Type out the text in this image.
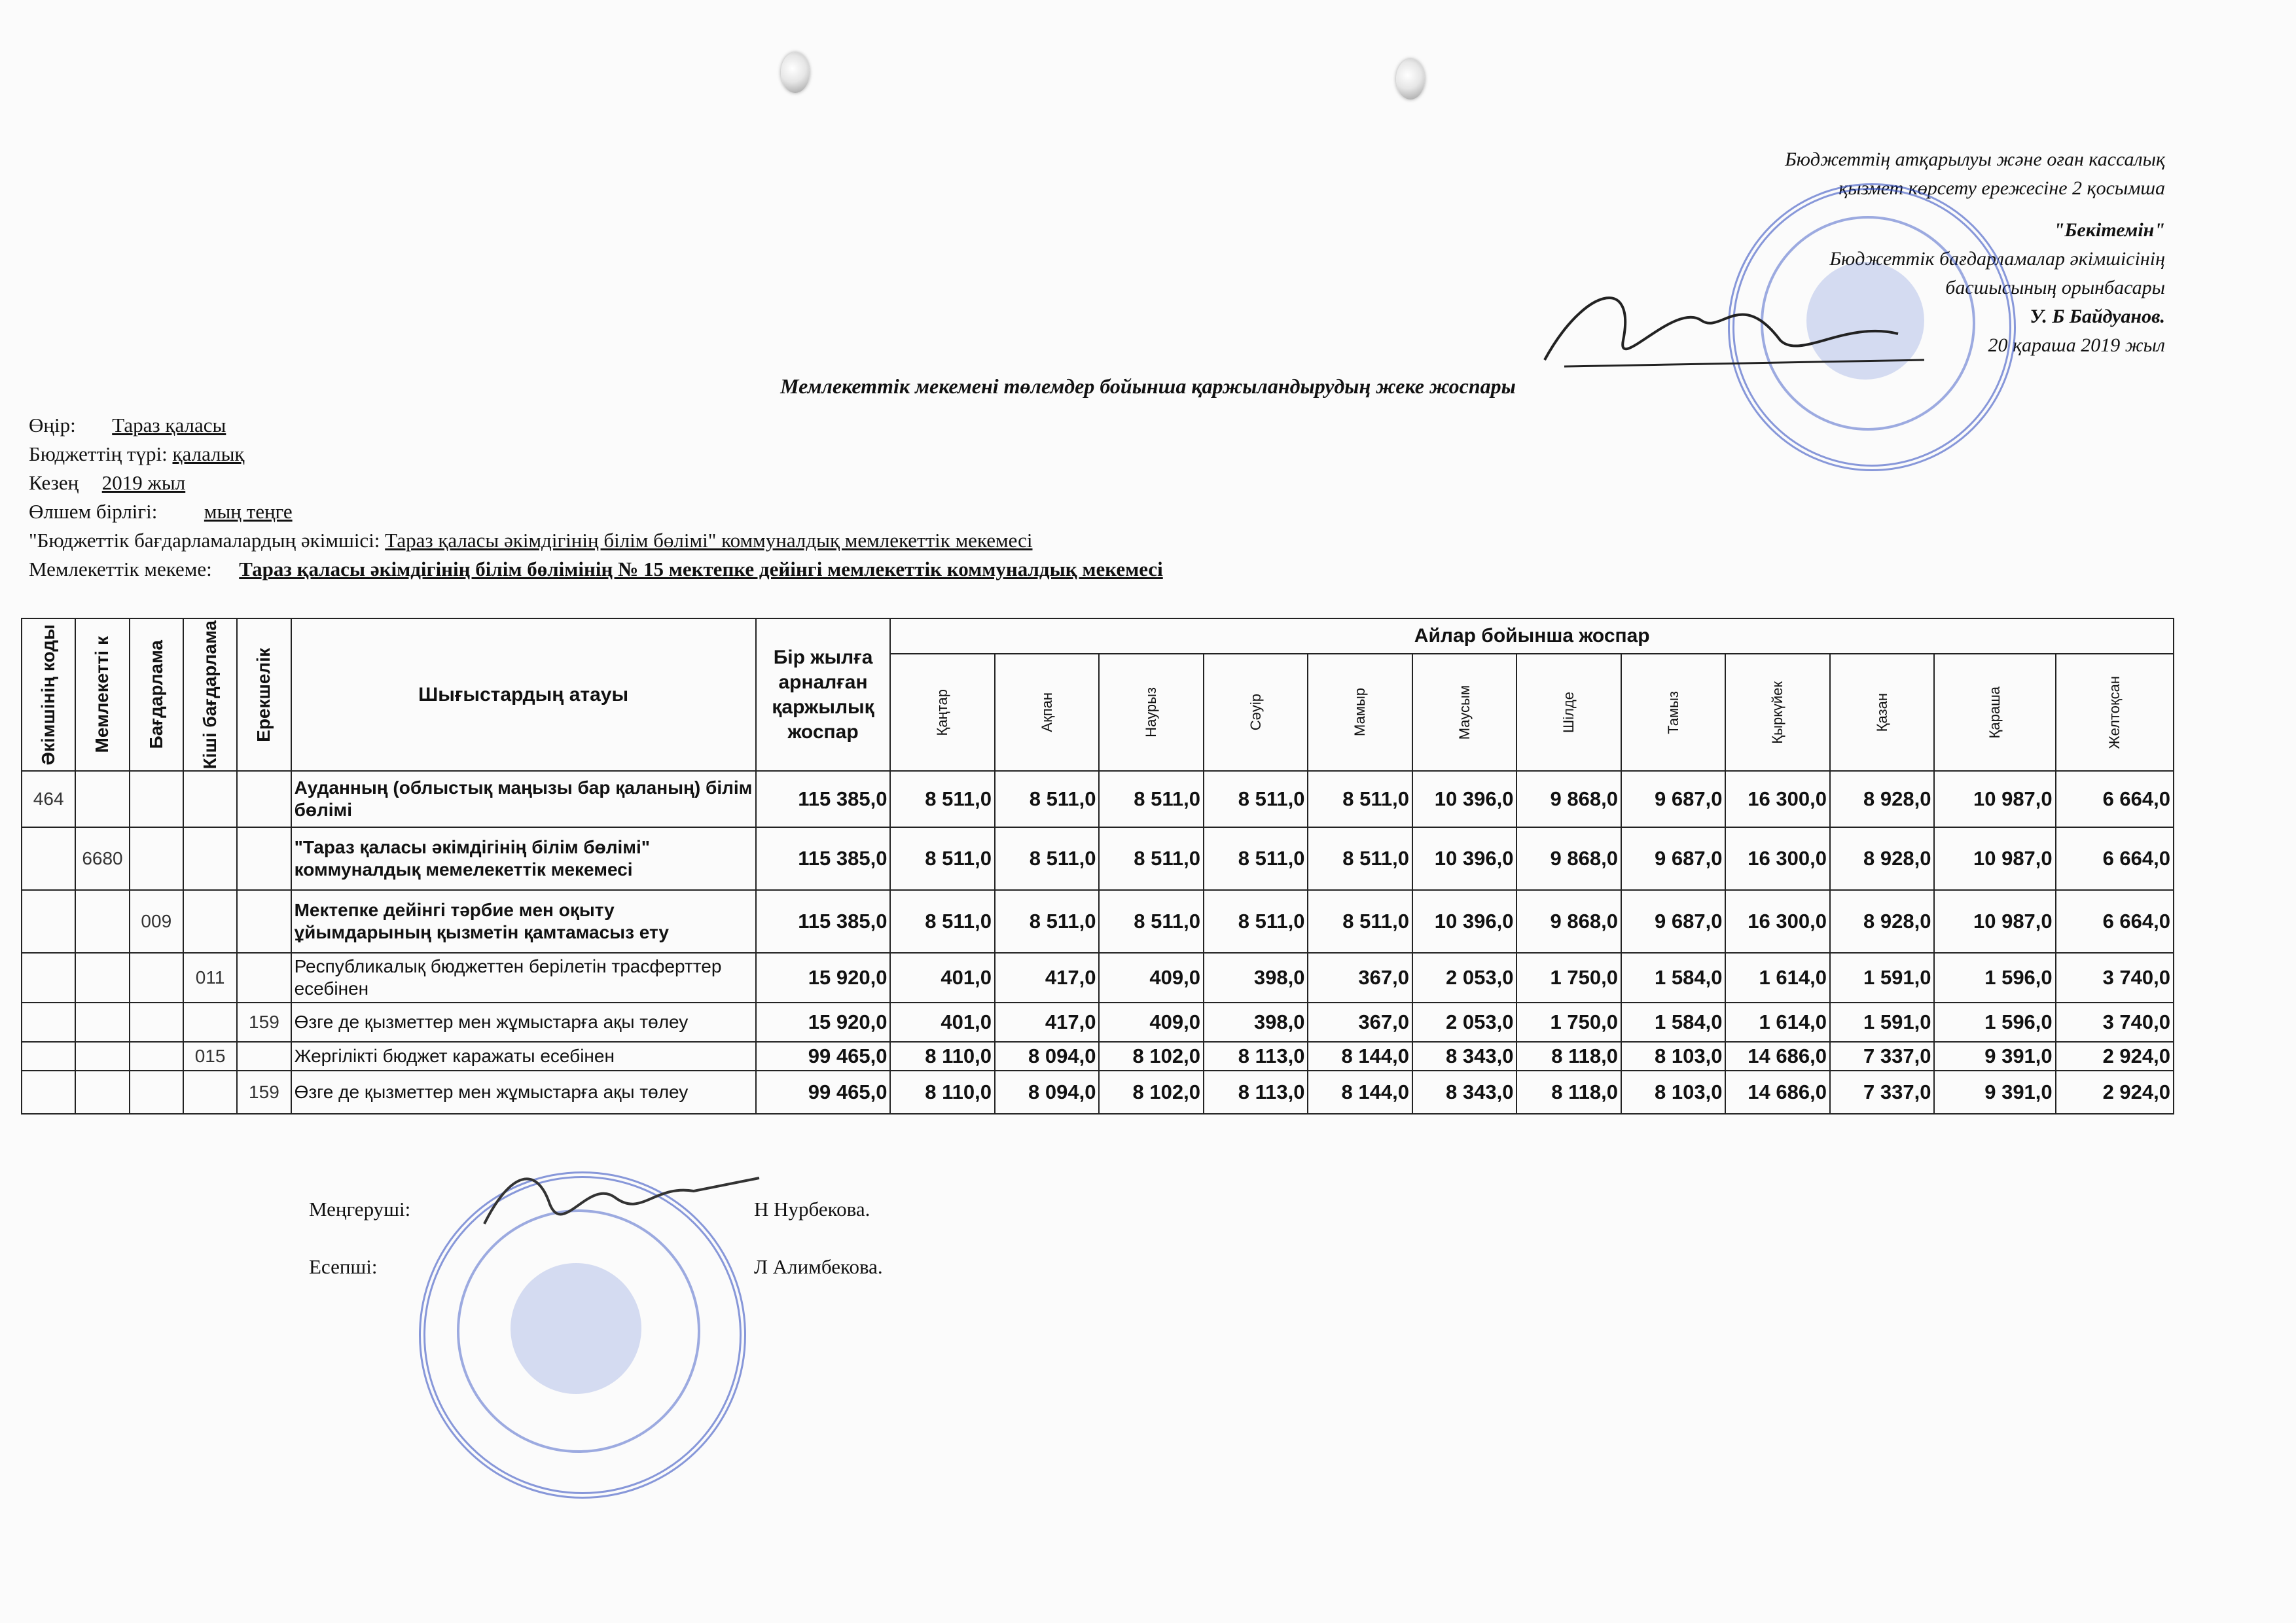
Бюджеттің атқарылуы және оған кассалық
қызмет көрсету ережесіне 2 қосымша
"Бекітемін"
Бюджеттік бағдарламалар әкімшісінің
басшысының орынбасары
У. Б Байдуанов.
20 қараша 2019 жыл
Мемлекеттік мекемені төлемдер бойынша қаржыландырудың жеке жоспары
Өңір: Тараз қаласы
Бюджеттің түрі: қалалық
Кезең 2019 жыл
Өлшем бірлігі: мың теңге
"Бюджеттік бағдарламалардың әкімшісі: Тараз қаласы әкімдігінің білім бөлімі" коммуналдық мемлекеттік мекемесі
Мемлекеттік мекеме: Тараз қаласы әкімдігінің білім бөлімінің № 15 мектепке дейінгі мемлекеттік коммуналдық мекемесі
Әкімшінің коды	Мемлекетті к	Бағдарлама	Кіші бағдарлама	Ерекшелік	Шығыстардың атауы	Бір жылға арналған қаржылық жоспар	Айлар бойынша жоспар											

							Қаңтар	Ақпан	Наурыз	Сәуір	Мамыр	Маусым	Шілде	Тамыз	Қыркүйек	Қазан	Қараша	Желтоқсан

464					Ауданның (облыстық маңызы бар қаланың) білім бөлімі	115 385,0	8 511,0	8 511,0	8 511,0	8 511,0	8 511,0	10 396,0	9 868,0	9 687,0	16 300,0	8 928,0	10 987,0	6 664,0
	6680				"Тараз қаласы әкімдігінің білім бөлімі" коммуналдық мемелекеттік мекемесі	115 385,0	8 511,0	8 511,0	8 511,0	8 511,0	8 511,0	10 396,0	9 868,0	9 687,0	16 300,0	8 928,0	10 987,0	6 664,0
		009			Мектепке дейінгі тәрбие мен оқыту ұйымдарының қызметін қамтамасыз ету	115 385,0	8 511,0	8 511,0	8 511,0	8 511,0	8 511,0	10 396,0	9 868,0	9 687,0	16 300,0	8 928,0	10 987,0	6 664,0
			011		Республикалық бюджеттен берілетін трасферттер есебінен	15 920,0	401,0	417,0	409,0	398,0	367,0	2 053,0	1 750,0	1 584,0	1 614,0	1 591,0	1 596,0	3 740,0
				159	Өзге де қызметтер мен жұмыстарға ақы төлеу	15 920,0	401,0	417,0	409,0	398,0	367,0	2 053,0	1 750,0	1 584,0	1 614,0	1 591,0	1 596,0	3 740,0
			015		Жергілікті бюджет каражаты есебінен	99 465,0	8 110,0	8 094,0	8 102,0	8 113,0	8 144,0	8 343,0	8 118,0	8 103,0	14 686,0	7 337,0	9 391,0	2 924,0
				159	Өзге де қызметтер мен жұмыстарға ақы төлеу	99 465,0	8 110,0	8 094,0	8 102,0	8 113,0	8 144,0	8 343,0	8 118,0	8 103,0	14 686,0	7 337,0	9 391,0	2 924,0
Меңгеруші:	Н Нурбекова.
Есепші:	Л Алимбекова.
